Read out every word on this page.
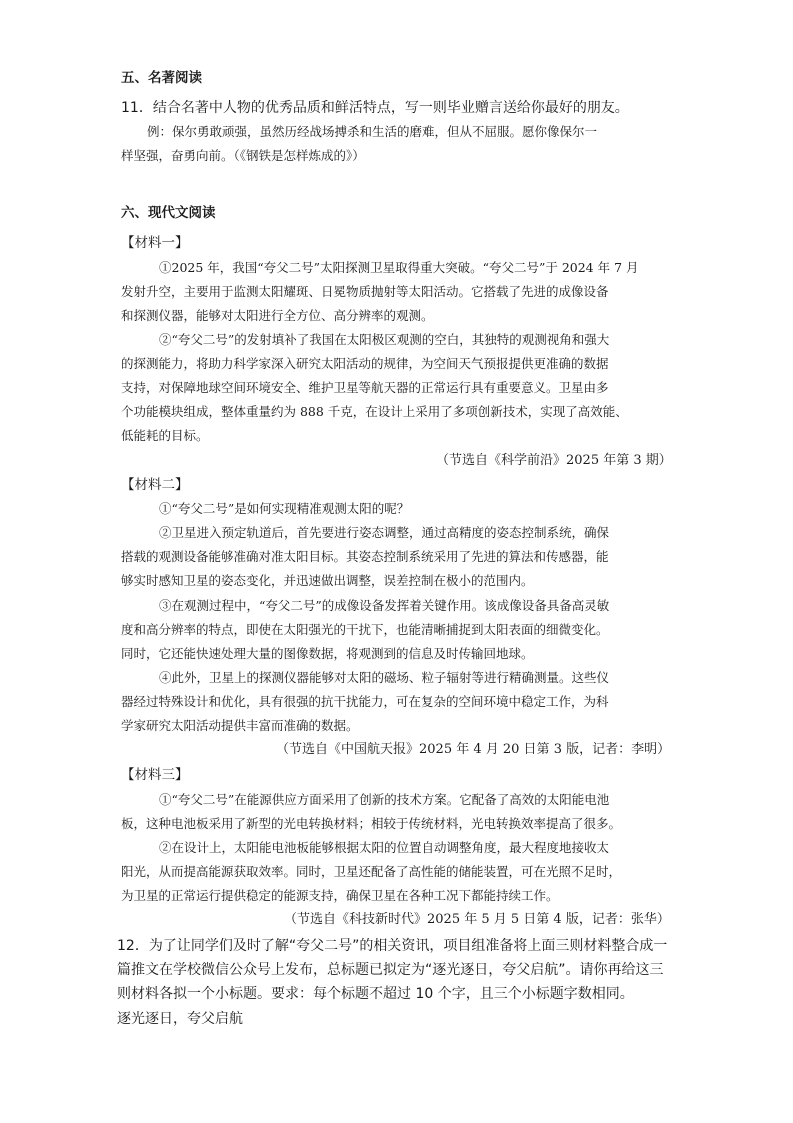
五、名著阅读
11．结合名著中人物的优秀品质和鲜活特点，写一则毕业赠言送给你最好的朋友。
例：保尔勇敢顽强，虽然历经战场搏杀和生活的磨难，但从不屈服。愿你像保尔一
样坚强，奋勇向前。（《钢铁是怎样炼成的》）
六、现代文阅读
【材料一】
①2025 年，我国“夸父二号”太阳探测卫星取得重大突破。“夸父二号”于 2024 年 7 月
发射升空，主要用于监测太阳耀斑、日冕物质抛射等太阳活动。它搭载了先进的成像设备
和探测仪器，能够对太阳进行全方位、高分辨率的观测。
②“夸父二号”的发射填补了我国在太阳极区观测的空白，其独特的观测视角和强大
的探测能力，将助力科学家深入研究太阳活动的规律，为空间天气预报提供更准确的数据
支持，对保障地球空间环境安全、维护卫星等航天器的正常运行具有重要意义。卫星由多
个功能模块组成，整体重量约为 888 千克，在设计上采用了多项创新技术，实现了高效能、
低能耗的目标。
（节选自《科学前沿》2025 年第 3 期）
【材料二】
①“夸父二号”是如何实现精准观测太阳的呢？
②卫星进入预定轨道后，首先要进行姿态调整，通过高精度的姿态控制系统，确保
搭载的观测设备能够准确对准太阳目标。其姿态控制系统采用了先进的算法和传感器，能
够实时感知卫星的姿态变化，并迅速做出调整，误差控制在极小的范围内。
③在观测过程中，“夸父二号”的成像设备发挥着关键作用。该成像设备具备高灵敏
度和高分辨率的特点，即使在太阳强光的干扰下，也能清晰捕捉到太阳表面的细微变化。
同时，它还能快速处理大量的图像数据，将观测到的信息及时传输回地球。
④此外，卫星上的探测仪器能够对太阳的磁场、粒子辐射等进行精确测量。这些仪
器经过特殊设计和优化，具有很强的抗干扰能力，可在复杂的空间环境中稳定工作，为科
学家研究太阳活动提供丰富而准确的数据。
（节选自《中国航天报》2025 年 4 月 20 日第 3 版，记者：李明）
【材料三】
①“夸父二号”在能源供应方面采用了创新的技术方案。它配备了高效的太阳能电池
板，这种电池板采用了新型的光电转换材料；相较于传统材料，光电转换效率提高了很多。
②在设计上，太阳能电池板能够根据太阳的位置自动调整角度，最大程度地接收太
阳光，从而提高能源获取效率。同时，卫星还配备了高性能的储能装置，可在光照不足时，
为卫星的正常运行提供稳定的能源支持，确保卫星在各种工况下都能持续工作。
（节选自《科技新时代》2025 年 5 月 5 日第 4 版，记者：张华）
12．为了让同学们及时了解“夸父二号”的相关资讯，项目组准备将上面三则材料整合成一
篇推文在学校微信公众号上发布，总标题已拟定为“逐光逐日，夸父启航”。请你再给这三
则材料各拟一个小标题。要求：每个标题不超过 10 个字，且三个小标题字数相同。
逐光逐日，夸父启航
